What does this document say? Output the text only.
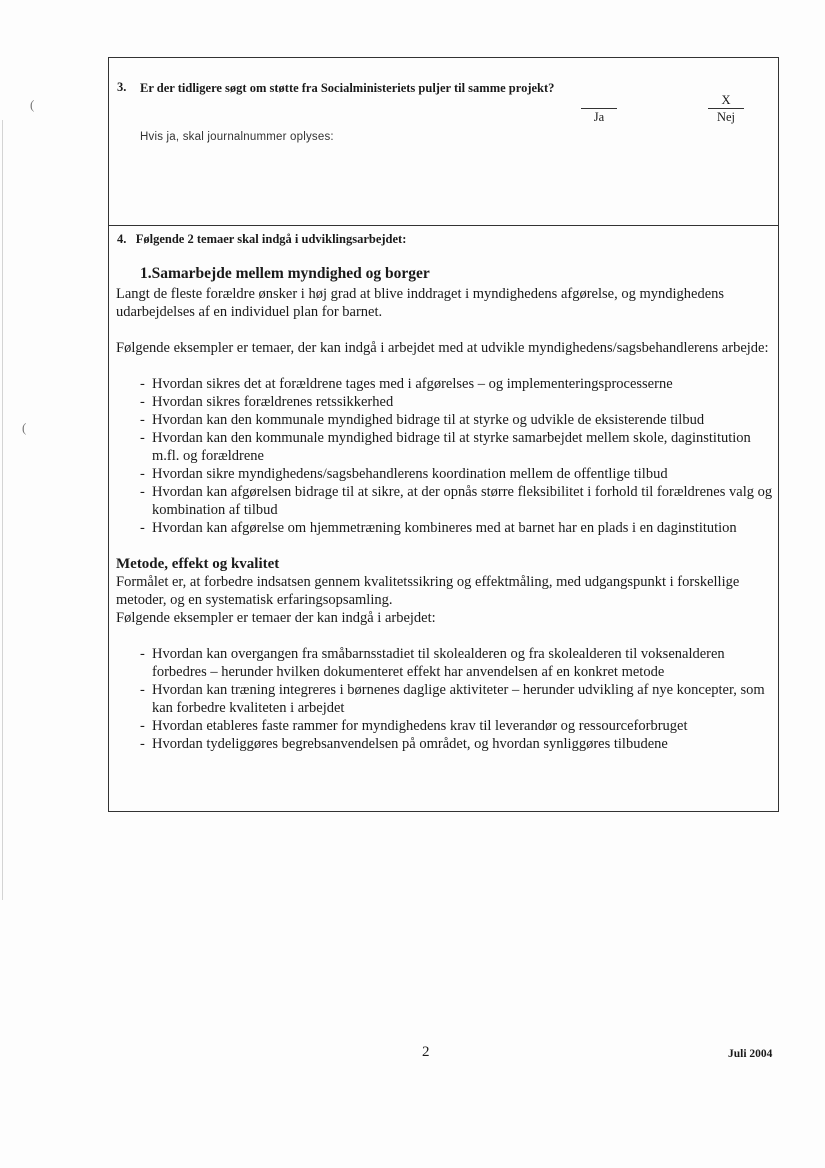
(
(
3. Er der tidligere søgt om støtte fra Socialministeriets puljer til samme projekt?
Ja
X
Nej
Hvis ja, skal journalnummer oplyses:
4. Følgende 2 temaer skal indgå i udviklingsarbejdet:

1.Samarbejde mellem myndighed og borger

Langt de fleste forældre ønsker i høj grad at blive inddraget i myndighedens afgørelse, og myndighedens udarbejdelses af en individuel plan for barnet.

Følgende eksempler er temaer, der kan indgå i arbejdet med at udvikle myndighedens/sagsbehandlerens arbejde:

- Hvordan sikres det at forældrene tages med i afgørelses – og implementeringsprocesserne
- Hvordan sikres forældrenes retssikkerhed
- Hvordan kan den kommunale myndighed bidrage til at styrke og udvikle de eksisterende tilbud
- Hvordan kan den kommunale myndighed bidrage til at styrke samarbejdet mellem skole, daginstitution m.fl. og forældrene
- Hvordan sikre myndighedens/sagsbehandlerens koordination mellem de offentlige tilbud
- Hvordan kan afgørelsen bidrage til at sikre, at der opnås større fleksibilitet i forhold til forældrenes valg og kombination af tilbud
- Hvordan kan afgørelse om hjemmetræning kombineres med at barnet har en plads i en daginstitution

Metode, effekt og kvalitet

Formålet er, at forbedre indsatsen gennem kvalitetssikring og effektmåling, med udgangspunkt i forskellige metoder, og en systematisk erfaringsopsamling.

Følgende eksempler er temaer der kan indgå i arbejdet:

- Hvordan kan overgangen fra småbarnsstadiet til skolealderen og fra skolealderen til voksenalderen forbedres – herunder hvilken dokumenteret effekt har anvendelsen af en konkret metode
- Hvordan kan træning integreres i børnenes daglige aktiviteter – herunder udvikling af nye koncepter, som kan forbedre kvaliteten i arbejdet
- Hvordan etableres faste rammer for myndighedens krav til leverandør og ressourceforbruget
- Hvordan tydeliggøres begrebsanvendelsen på området, og hvordan synliggøres tilbudene
2	Juli 2004
